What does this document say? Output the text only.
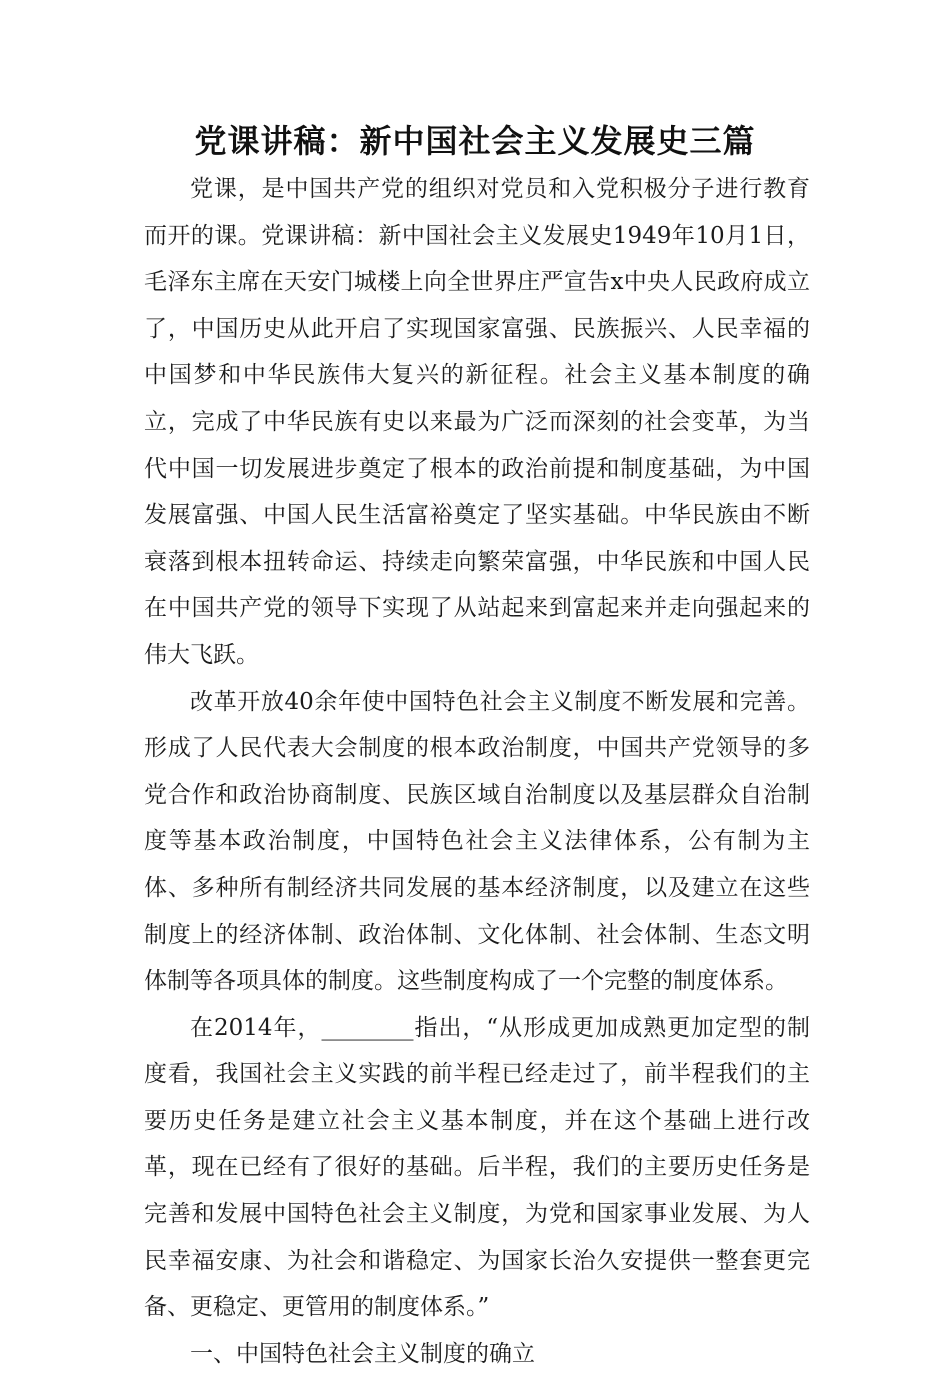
党课讲稿：新中国社会主义发展史三篇

党课，是中国共产党的组织对党员和入党积极分子进行教育而开的课。党课讲稿：新中国社会主义发展史1949年10月1日，毛泽东主席在天安门城楼上向全世界庄严宣告x中央人民政府成立了，中国历史从此开启了实现国家富强、民族振兴、人民幸福的中国梦和中华民族伟大复兴的新征程。社会主义基本制度的确立，完成了中华民族有史以来最为广泛而深刻的社会变革，为当代中国一切发展进步奠定了根本的政治前提和制度基础，为中国发展富强、中国人民生活富裕奠定了坚实基础。中华民族由不断衰落到根本扭转命运、持续走向繁荣富强，中华民族和中国人民在中国共产党的领导下实现了从站起来到富起来并走向强起来的伟大飞跃。

改革开放40余年使中国特色社会主义制度不断发展和完善。形成了人民代表大会制度的根本政治制度，中国共产党领导的多党合作和政治协商制度、民族区域自治制度以及基层群众自治制度等基本政治制度，中国特色社会主义法律体系，公有制为主体、多种所有制经济共同发展的基本经济制度，以及建立在这些制度上的经济体制、政治体制、文化体制、社会体制、生态文明体制等各项具体的制度。这些制度构成了一个完整的制度体系。

在2014年，________指出，“从形成更加成熟更加定型的制度看，我国社会主义实践的前半程已经走过了，前半程我们的主要历史任务是建立社会主义基本制度，并在这个基础上进行改革，现在已经有了很好的基础。后半程，我们的主要历史任务是完善和发展中国特色社会主义制度，为党和国家事业发展、为人民幸福安康、为社会和谐稳定、为国家长治久安提供一整套更完备、更稳定、更管用的制度体系。”

一、中国特色社会主义制度的确立
